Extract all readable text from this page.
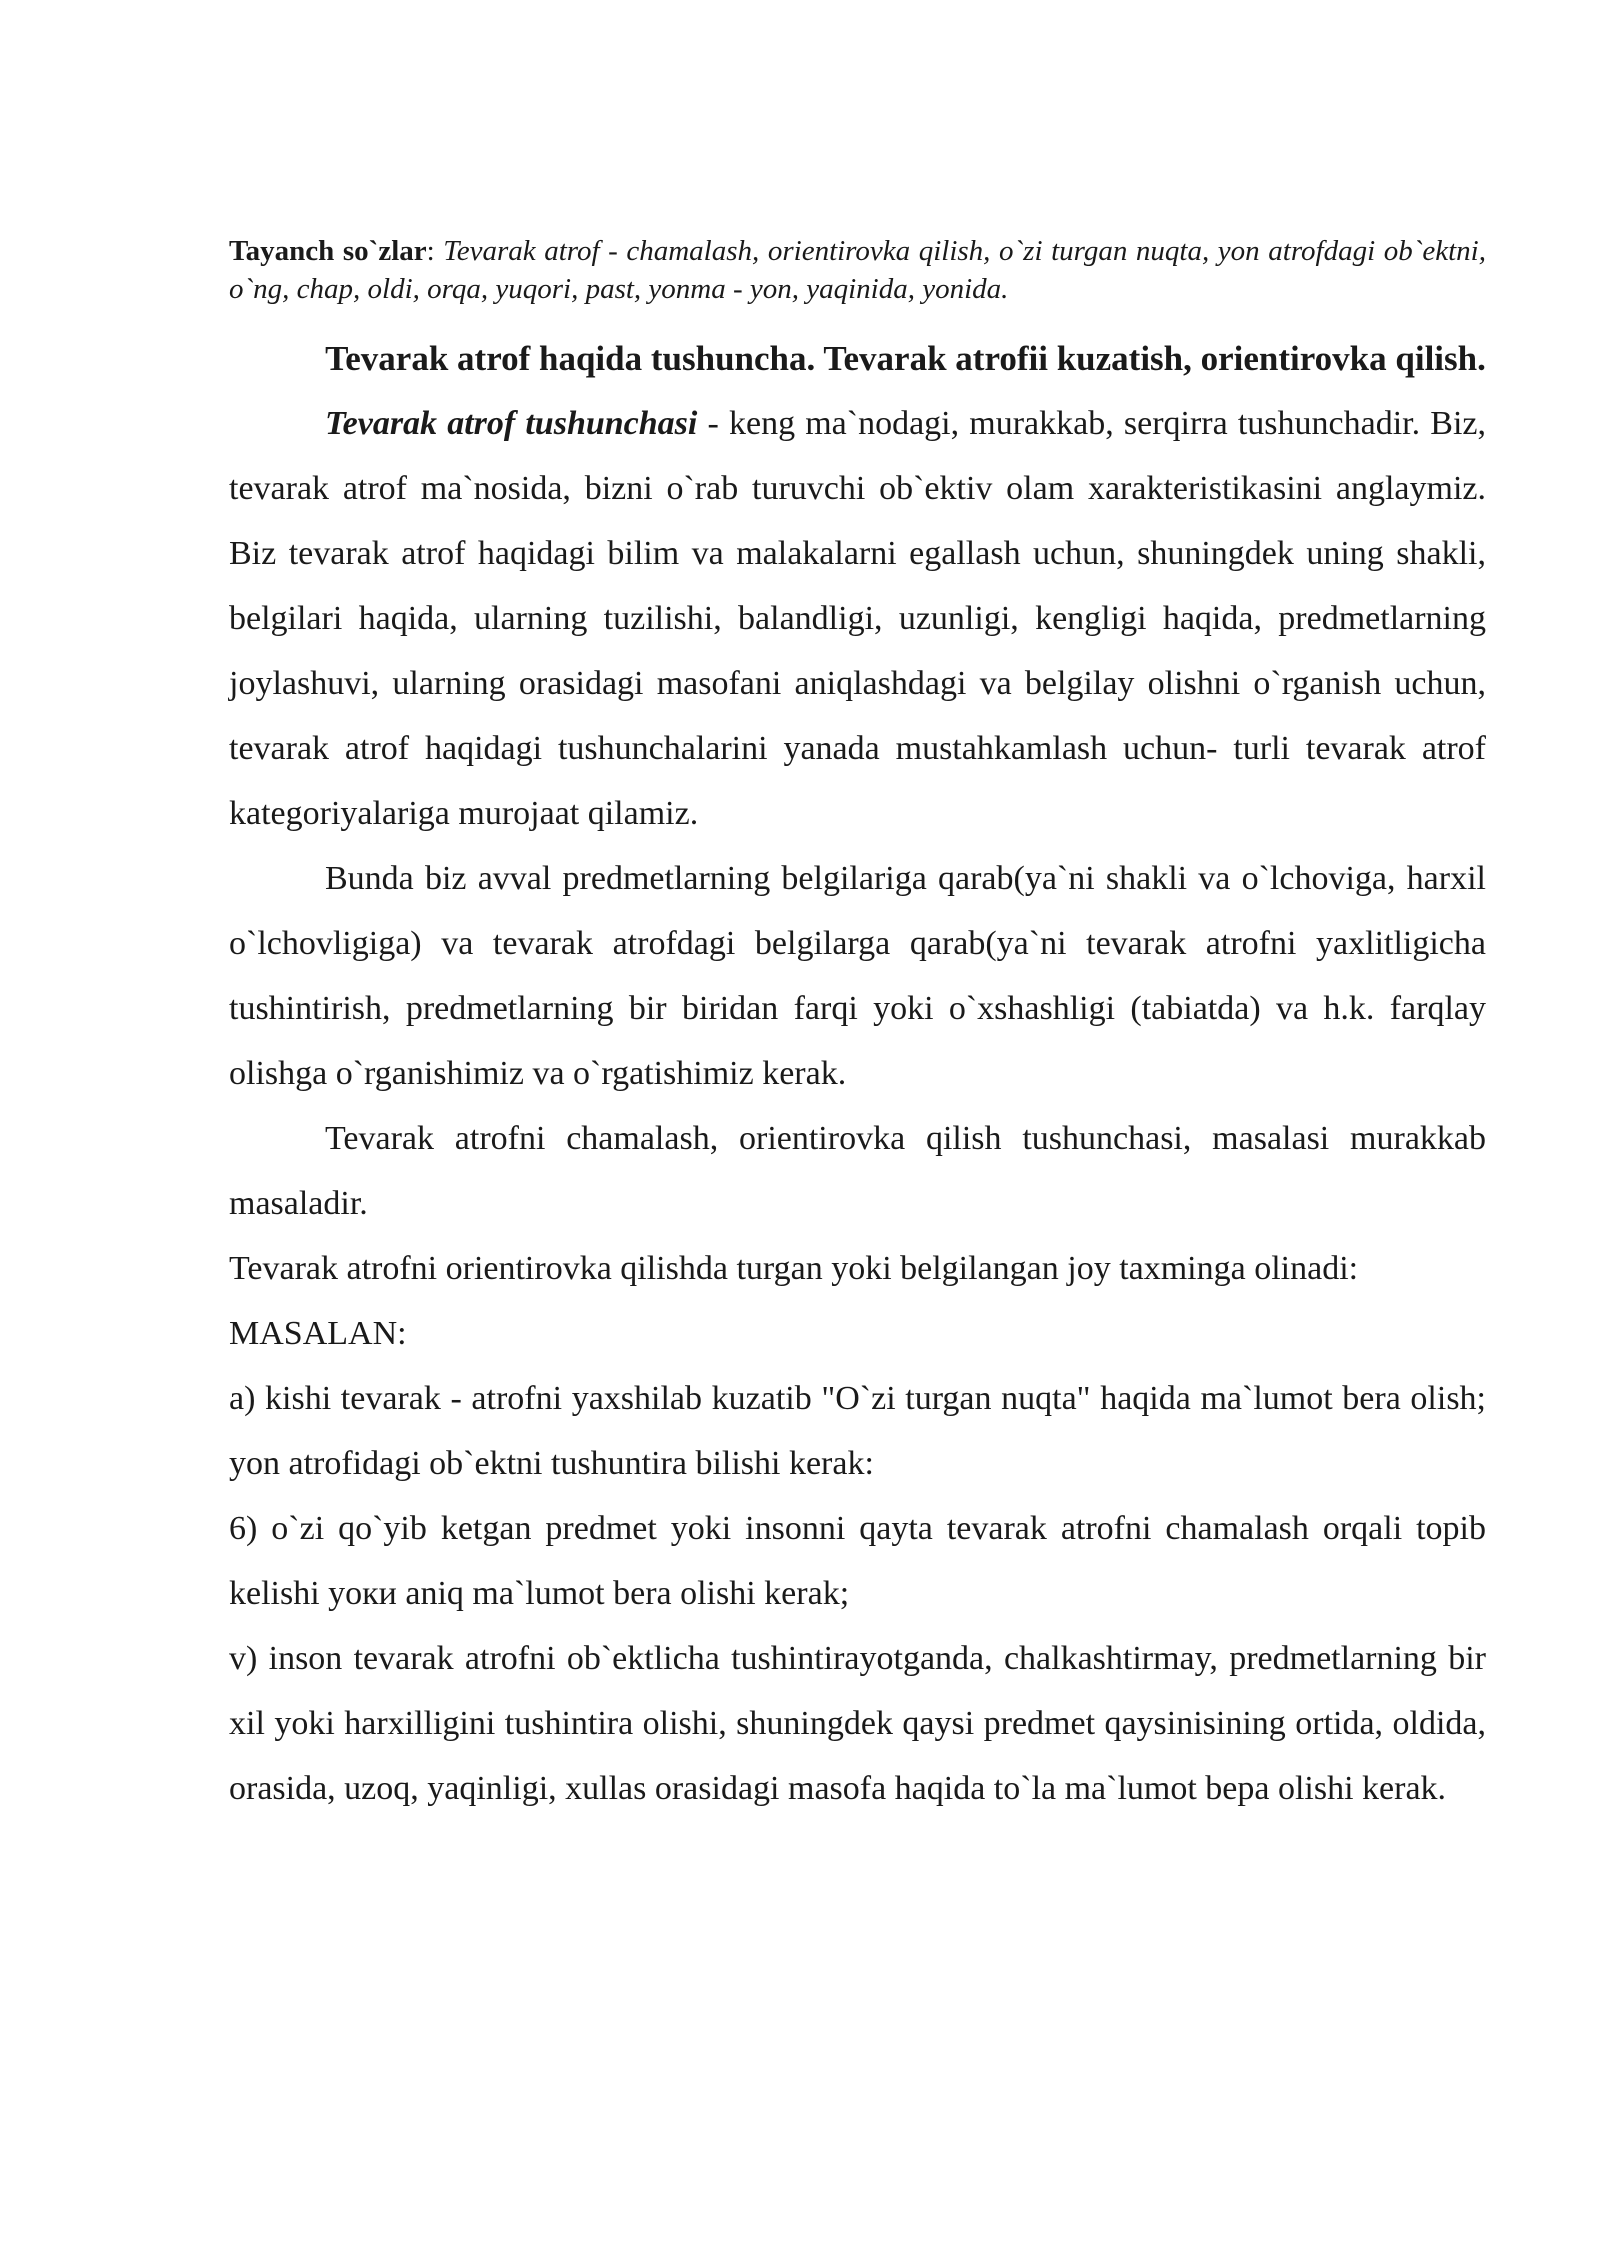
Tayanch so`zlar: Tevarak atrof - chamalash, orientirovka qilish, o`zi turgan nuqta, yon atrofdagi ob`ektni, o`ng, chap, oldi, orqa, yuqori, past, yonma - yon, yaqinida, yonida.

Tevarak atrof haqida tushuncha. Tevarak atrofii kuzatish, orientirovka qilish.

Tevarak atrof tushunchasi - keng ma`nodagi, murakkab, serqirra tushunchadir. Biz, tevarak atrof ma`nosida, bizni o`rab turuvchi ob`ektiv olam xarakteristikasini anglaymiz. Biz tevarak atrof haqidagi bilim va malakalarni egallash uchun, shuningdek uning shakli, belgilari haqida, ularning tuzilishi, balandligi, uzunligi, kengligi haqida, predmetlarning joylashuvi, ularning orasidagi masofani aniqlashdagi va belgilay olishni o`rganish uchun, tevarak atrof haqidagi tushunchalarini yanada mustahkamlash uchun- turli tevarak atrof kategoriyalariga murojaat qilamiz.

Bunda biz avval predmetlarning belgilariga qarab(ya`ni shakli va o`lchoviga, harxil o`lchovligiga) va tevarak atrofdagi belgilarga qarab(ya`ni tevarak atrofni yaxlitligicha tushintirish, predmetlarning bir biridan farqi yoki o`xshashligi (tabiatda) va h.k. farqlay olishga o`rganishimiz va o`rgatishimiz kerak.

Tevarak atrofni chamalash, orientirovka qilish tushunchasi, masalasi murakkab masaladir.

Tevarak atrofni orientirovka qilishda turgan yoki belgilangan joy taxminga olinadi:

MASALAN:

a) kishi tevarak - atrofni yaxshilab kuzatib "O`zi turgan nuqta" haqida ma`lumot bera olish; yon atrofidagi ob`ektni tushuntira bilishi kerak:

6) o`zi qo`yib ketgan predmet yoki insonni qayta tevarak atrofni chamalash orqali topib kelishi yoки aniq ma`lumot bera olishi kerak;

v) inson tevarak atrofni ob`ektlicha tushintirayotganda, chalkashtirmay, predmetlarning bir xil yoki harxilligini tushintira olishi, shuningdek qaysi predmet qaysinisining ortida, oldida, orasida, uzoq, yaqinligi, xullas orasidagi masofa haqida to`la ma`lumot bepa olishi kerak.
